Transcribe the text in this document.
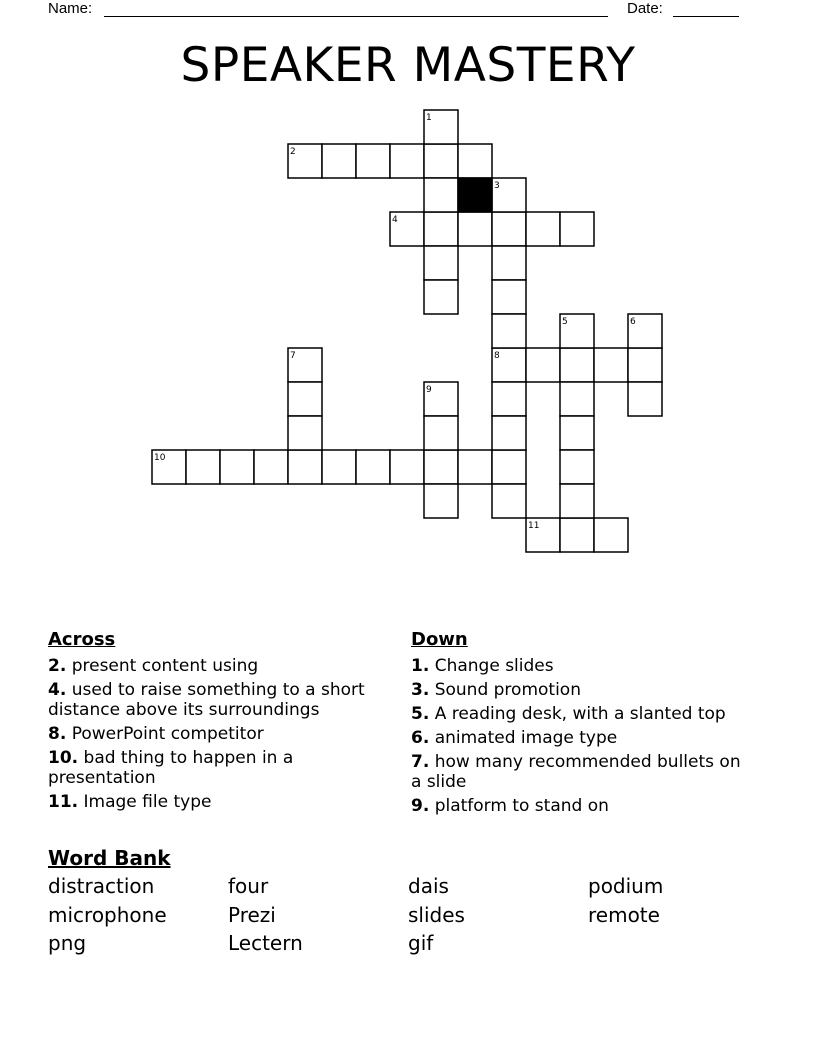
Name:	Date:
SPEAKER MASTERY
1
2
3
4
5	6
7	8
9
10
11
Across
2. present content using
4. used to raise something to a short distance above its surroundings
8. PowerPoint competitor
10. bad thing to happen in a presentation
11. Image file type
Down
1. Change slides
3. Sound promotion
5. A reading desk, with a slanted top
6. animated image type
7. how many recommended bullets on a slide
9. platform to stand on
Word Bank
distraction	four	dais	podium
microphone	Prezi	slides	remote
png	Lectern	gif
